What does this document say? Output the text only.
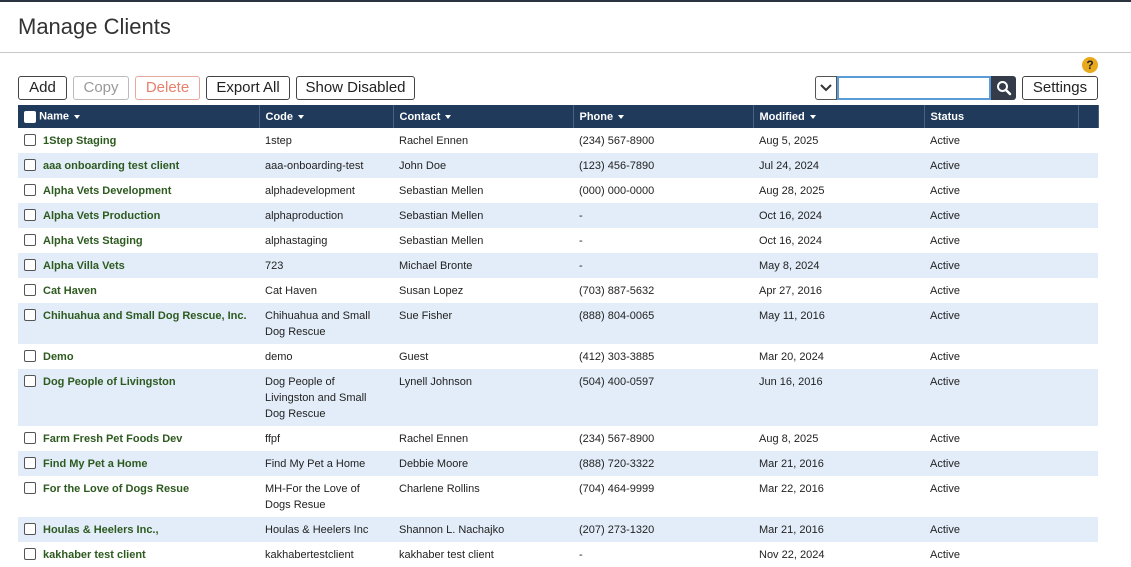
Manage Clients
?
Add	Copy	Delete	Export All	Show Disabled	Settings
Name	Code	Contact	Phone	Modified	Status	

1Step Staging	1step	Rachel Ennen	(234) 567-8900	Aug 5, 2025	Active	

aaa onboarding test client	aaa-onboarding-test	John Doe	(123) 456-7890	Jul 24, 2024	Active	

Alpha Vets Development	alphadevelopment	Sebastian Mellen	(000) 000-0000	Aug 28, 2025	Active	

Alpha Vets Production	alphaproduction	Sebastian Mellen	-	Oct 16, 2024	Active	

Alpha Vets Staging	alphastaging	Sebastian Mellen	-	Oct 16, 2024	Active	

Alpha Villa Vets	723	Michael Bronte	-	May 8, 2024	Active	

Cat Haven	Cat Haven	Susan Lopez	(703) 887-5632	Apr 27, 2016	Active	

Chihuahua and Small Dog Rescue, Inc.	Chihuahua and Small Dog Rescue	Sue Fisher	(888) 804-0065	May 11, 2016	Active	

Demo	demo	Guest	(412) 303-3885	Mar 20, 2024	Active	

Dog People of Livingston	Dog People of Livingston and Small Dog Rescue	Lynell Johnson	(504) 400-0597	Jun 16, 2016	Active	

Farm Fresh Pet Foods Dev	ffpf	Rachel Ennen	(234) 567-8900	Aug 8, 2025	Active	

Find My Pet a Home	Find My Pet a Home	Debbie Moore	(888) 720-3322	Mar 21, 2016	Active	

For the Love of Dogs Resue	MH-For the Love of Dogs Resue	Charlene Rollins	(704) 464-9999	Mar 22, 2016	Active	

Houlas & Heelers Inc.,	Houlas & Heelers Inc	Shannon L. Nachajko	(207) 273-1320	Mar 21, 2016	Active	

kakhaber test client	kakhabertestclient	kakhaber test client	-	Nov 22, 2024	Active	
